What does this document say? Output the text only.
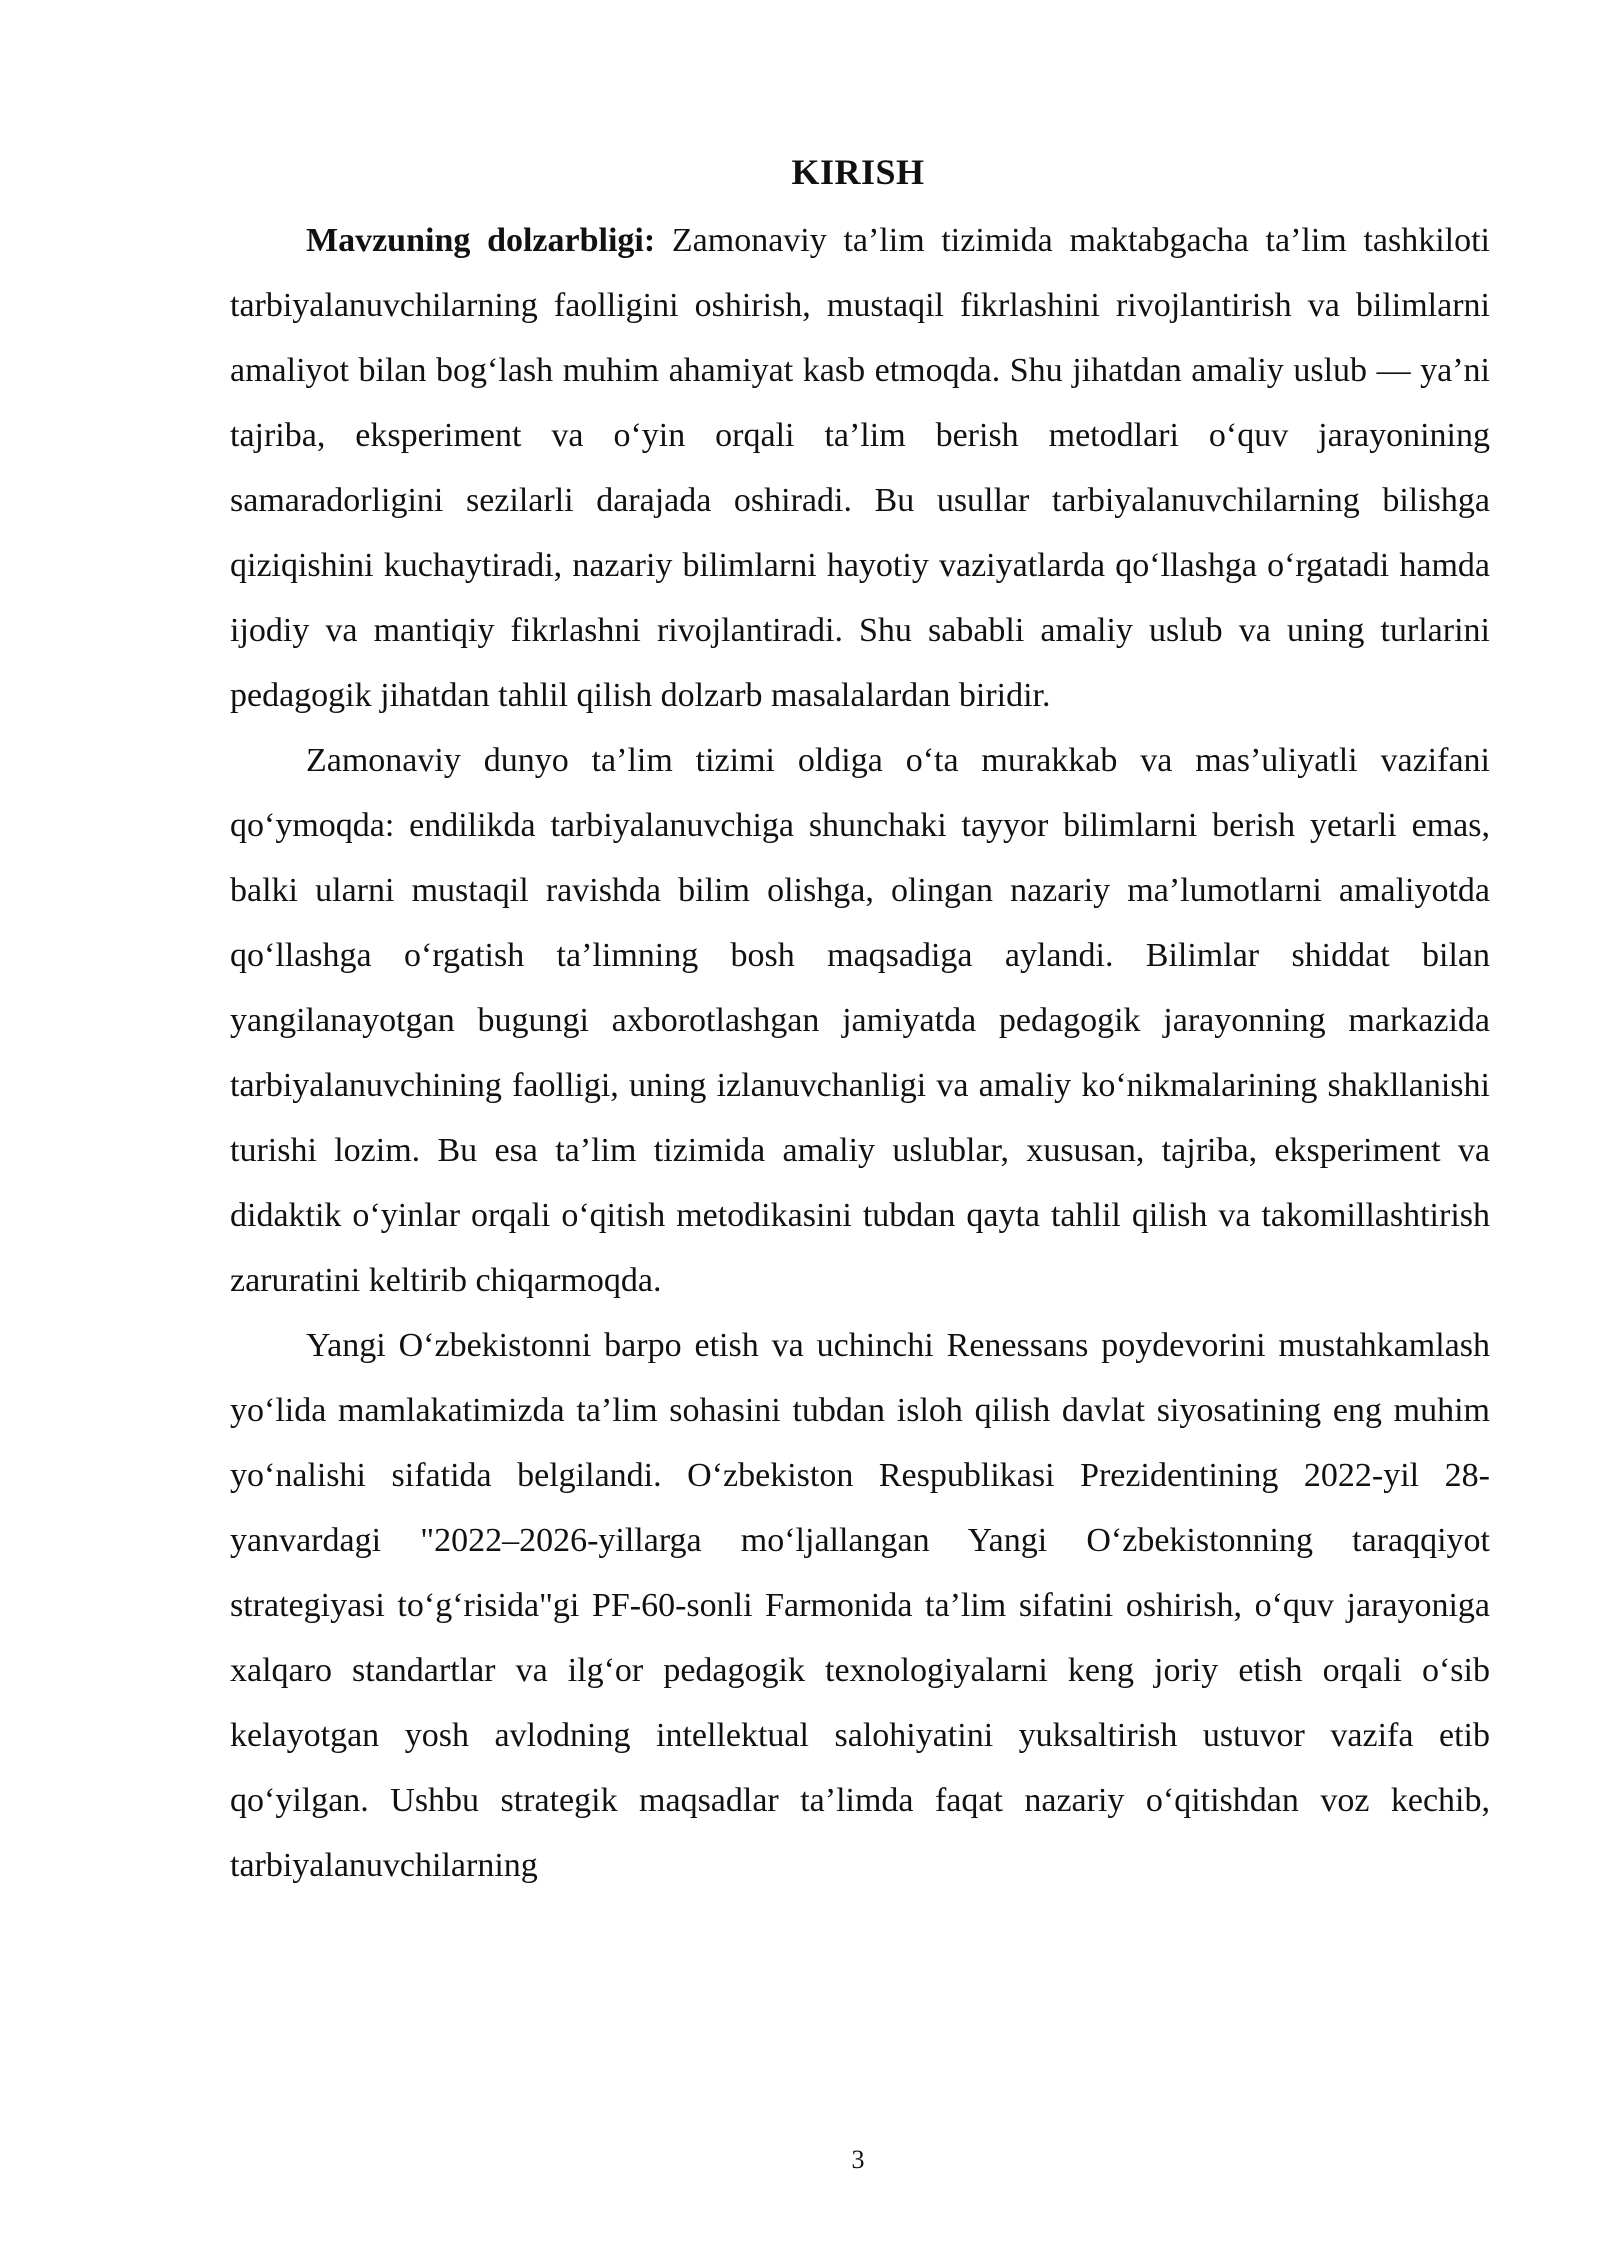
KIRISH

Mavzuning dolzarbligi: Zamonaviy ta’lim tizimida maktabgacha ta’lim tashkiloti tarbiyalanuvchilarning faolligini oshirish, mustaqil fikrlashini rivojlantirish va bilimlarni amaliyot bilan bog‘lash muhim ahamiyat kasb etmoqda. Shu jihatdan amaliy uslub — ya’ni tajriba, eksperiment va o‘yin orqali ta’lim berish metodlari o‘quv jarayonining samaradorligini sezilarli darajada oshiradi. Bu usullar tarbiyalanuvchilarning bilishga qiziqishini kuchaytiradi, nazariy bilimlarni hayotiy vaziyatlarda qo‘llashga o‘rgatadi hamda ijodiy va mantiqiy fikrlashni rivojlantiradi. Shu sababli amaliy uslub va uning turlarini pedagogik jihatdan tahlil qilish dolzarb masalalardan biridir.

Zamonaviy dunyo ta’lim tizimi oldiga o‘ta murakkab va mas’uliyatli vazifani qo‘ymoqda: endilikda tarbiyalanuvchiga shunchaki tayyor bilimlarni berish yetarli emas, balki ularni mustaqil ravishda bilim olishga, olingan nazariy ma’lumotlarni amaliyotda qo‘llashga o‘rgatish ta’limning bosh maqsadiga aylandi. Bilimlar shiddat bilan yangilanayotgan bugungi axborotlashgan jamiyatda pedagogik jarayonning markazida tarbiyalanuvchining faolligi, uning izlanuvchanligi va amaliy ko‘nikmalarining shakllanishi turishi lozim. Bu esa ta’lim tizimida amaliy uslublar, xususan, tajriba, eksperiment va didaktik o‘yinlar orqali o‘qitish metodikasini tubdan qayta tahlil qilish va takomillashtirish zaruratini keltirib chiqarmoqda.

Yangi O‘zbekistonni barpo etish va uchinchi Renessans poydevorini mustahkamlash yo‘lida mamlakatimizda ta’lim sohasini tubdan isloh qilish davlat siyosatining eng muhim yo‘nalishi sifatida belgilandi. O‘zbekiston Respublikasi Prezidentining 2022-yil 28-yanvardagi "2022–2026-yillarga mo‘ljallangan Yangi O‘zbekistonning taraqqiyot strategiyasi to‘g‘risida"gi PF-60-sonli Farmonida ta’lim sifatini oshirish, o‘quv jarayoniga xalqaro standartlar va ilg‘or pedagogik texnologiyalarni keng joriy etish orqali o‘sib kelayotgan yosh avlodning intellektual salohiyatini yuksaltirish ustuvor vazifa etib qo‘yilgan. Ushbu strategik maqsadlar ta’limda faqat nazariy o‘qitishdan voz kechib, tarbiyalanuvchilarning

3
